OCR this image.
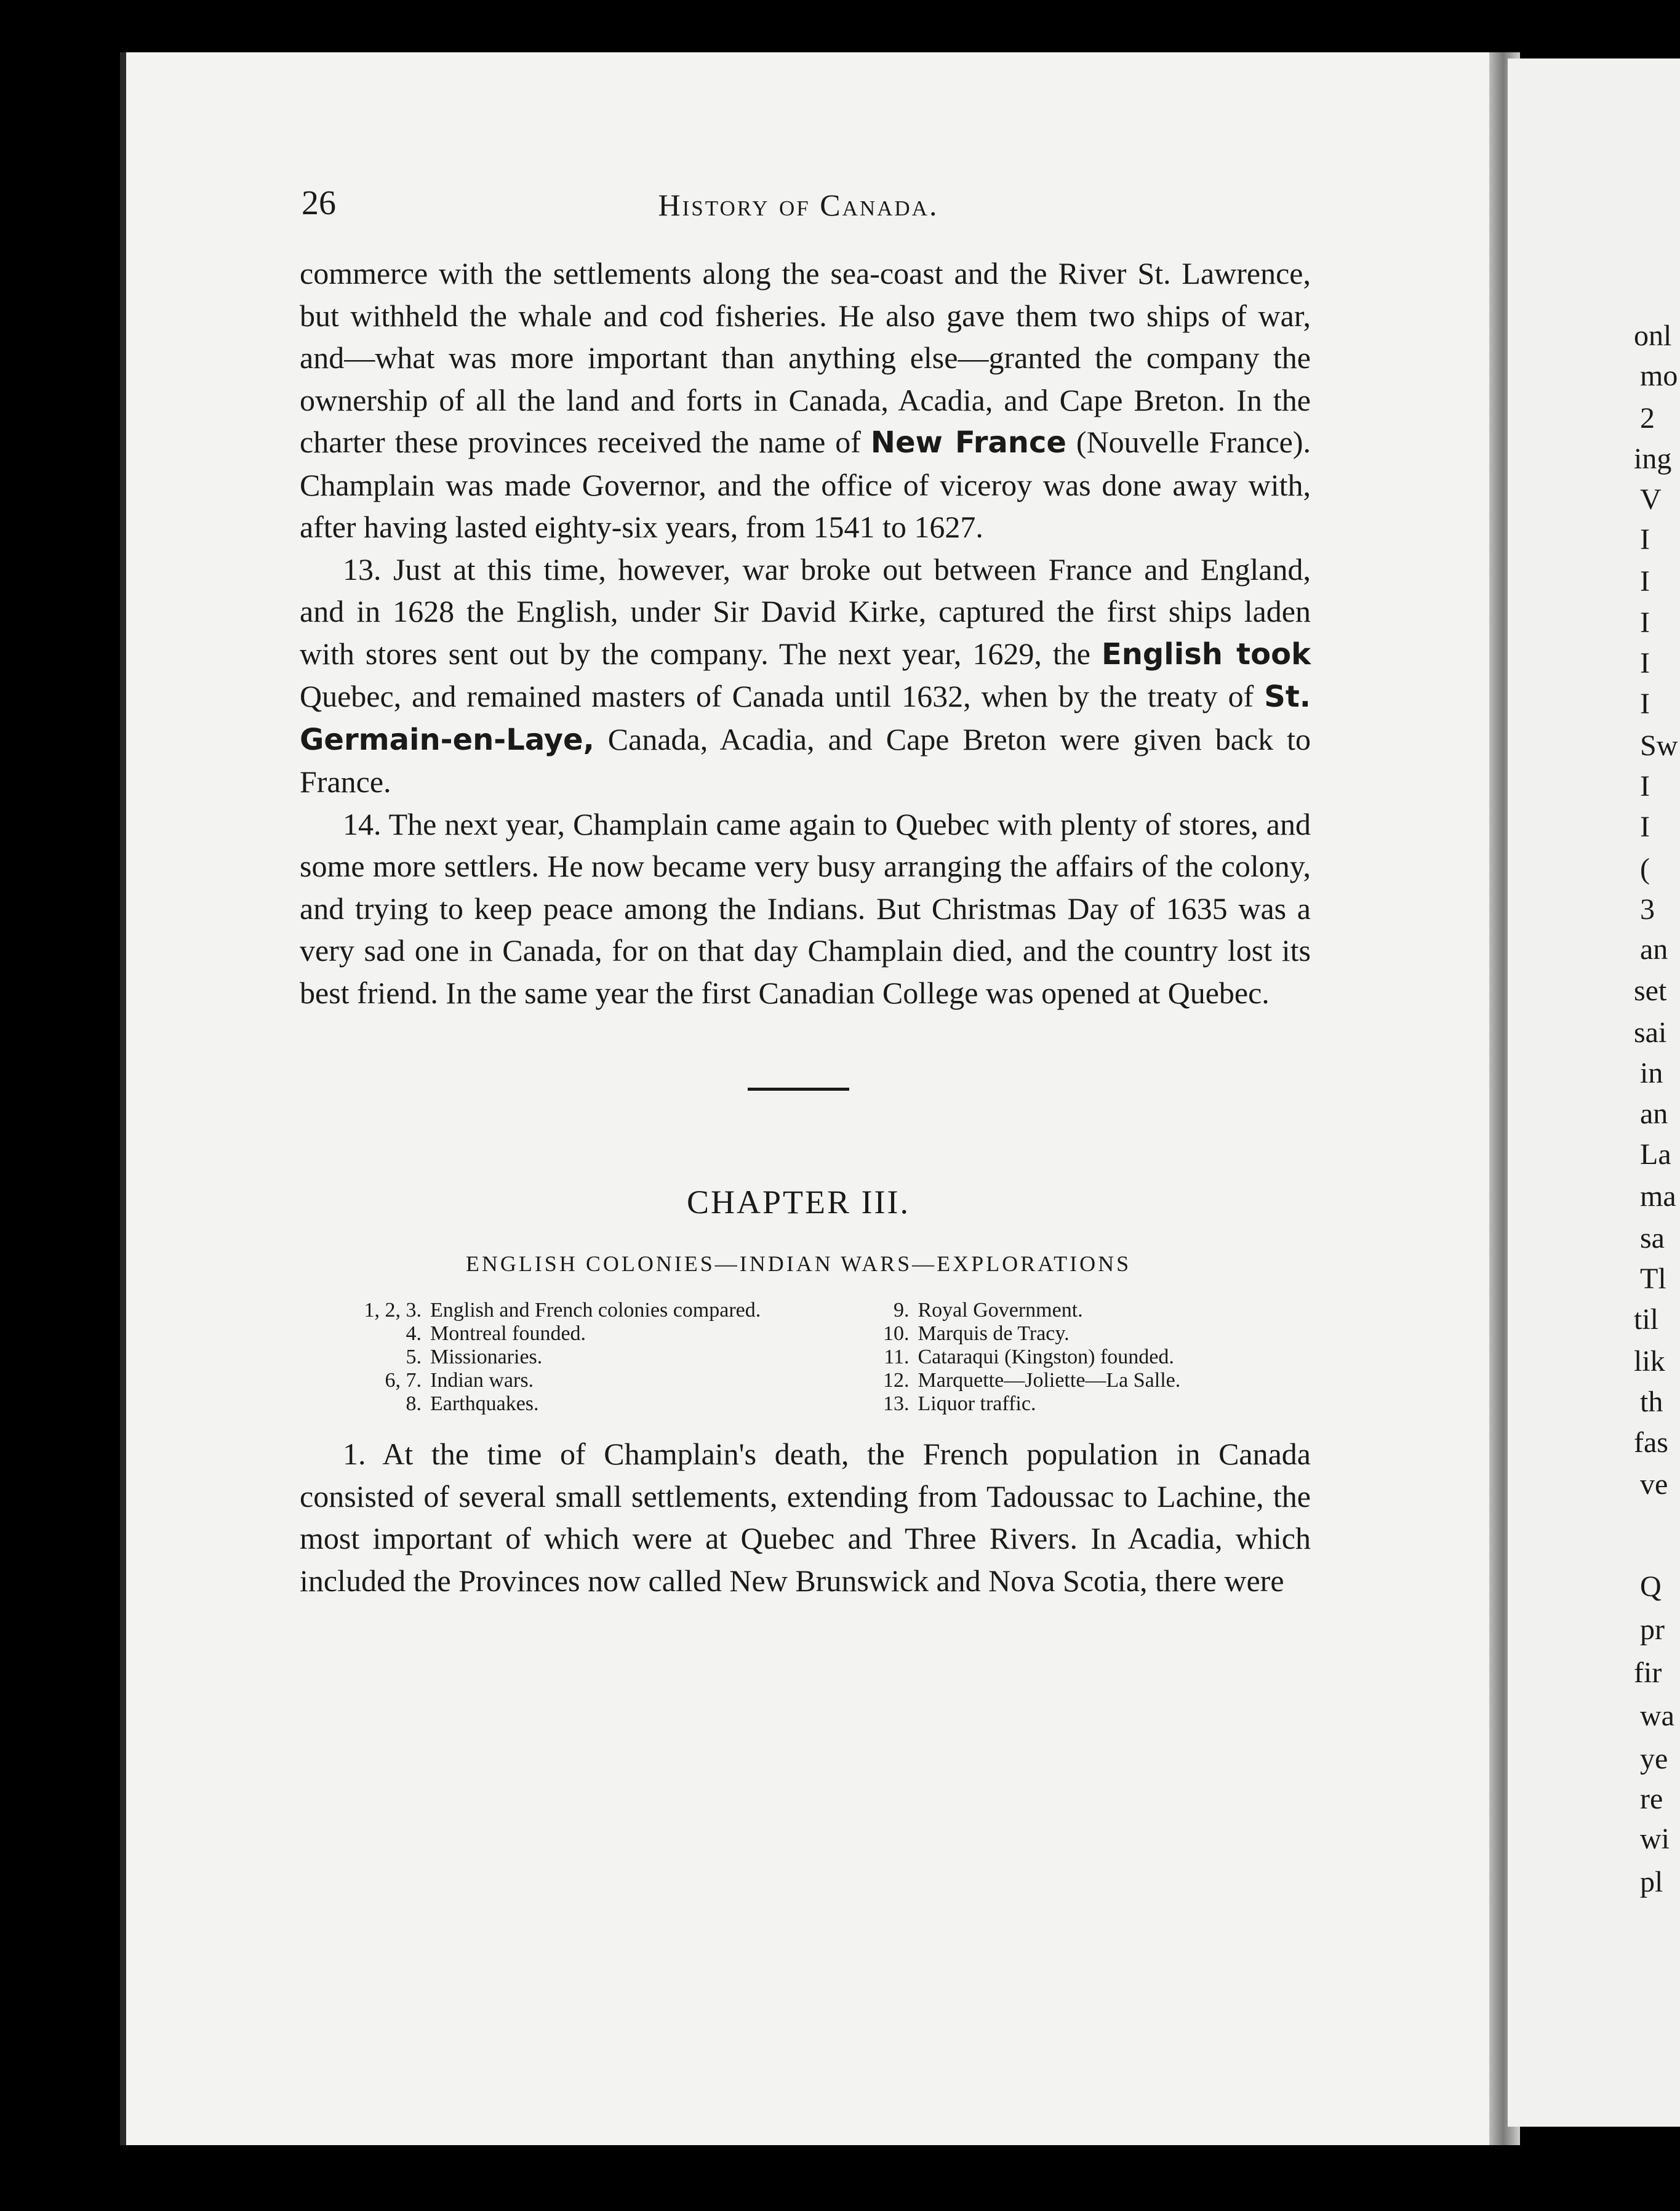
26	History of Canada.

commerce with the settlements along the sea-coast and the River St. Lawrence, but withheld the whale and cod fisheries. He also gave them two ships of war, and—what was more important than anything else—granted the company the ownership of all the land and forts in Canada, Acadia, and Cape Breton. In the charter these provinces received the name of New France (Nouvelle France). Champlain was made Governor, and the office of viceroy was done away with, after having lasted eighty-six years, from 1541 to 1627.

13. Just at this time, however, war broke out between France and England, and in 1628 the English, under Sir David Kirke, captured the first ships laden with stores sent out by the company. The next year, 1629, the English took Quebec, and remained masters of Canada until 1632, when by the treaty of St. Germain-en-Laye, Canada, Acadia, and Cape Breton were given back to France.

14. The next year, Champlain came again to Quebec with plenty of stores, and some more settlers. He now became very busy arranging the affairs of the colony, and trying to keep peace among the Indians. But Christmas Day of 1635 was a very sad one in Canada, for on that day Champlain died, and the country lost its best friend. In the same year the first Canadian College was opened at Quebec.

CHAPTER III.
ENGLISH COLONIES—INDIAN WARS—EXPLORATIONS
1, 2, 3. English and French colonies compared.
4. Montreal founded.
5. Missionaries.
6, 7. Indian wars.
8. Earthquakes.
9. Royal Government.
10. Marquis de Tracy.
11. Cataraqui (Kingston) founded.
12. Marquette—Joliette—La Salle.
13. Liquor traffic.

1. At the time of Champlain's death, the French population in Canada consisted of several small settlements, extending from Tadoussac to Lachine, the most important of which were at Quebec and Three Rivers. In Acadia, which included the Provinces now called New Brunswick and Nova Scotia, there were

onl
mo
2
ing
V
I
I
I
I
I
Sw
I
I
(
3
an
set
sai
in
an
La
ma
sa
Tl
til
lik
th
fas
ve
Q
pr
fir
wa
ye
re
wi
pl
